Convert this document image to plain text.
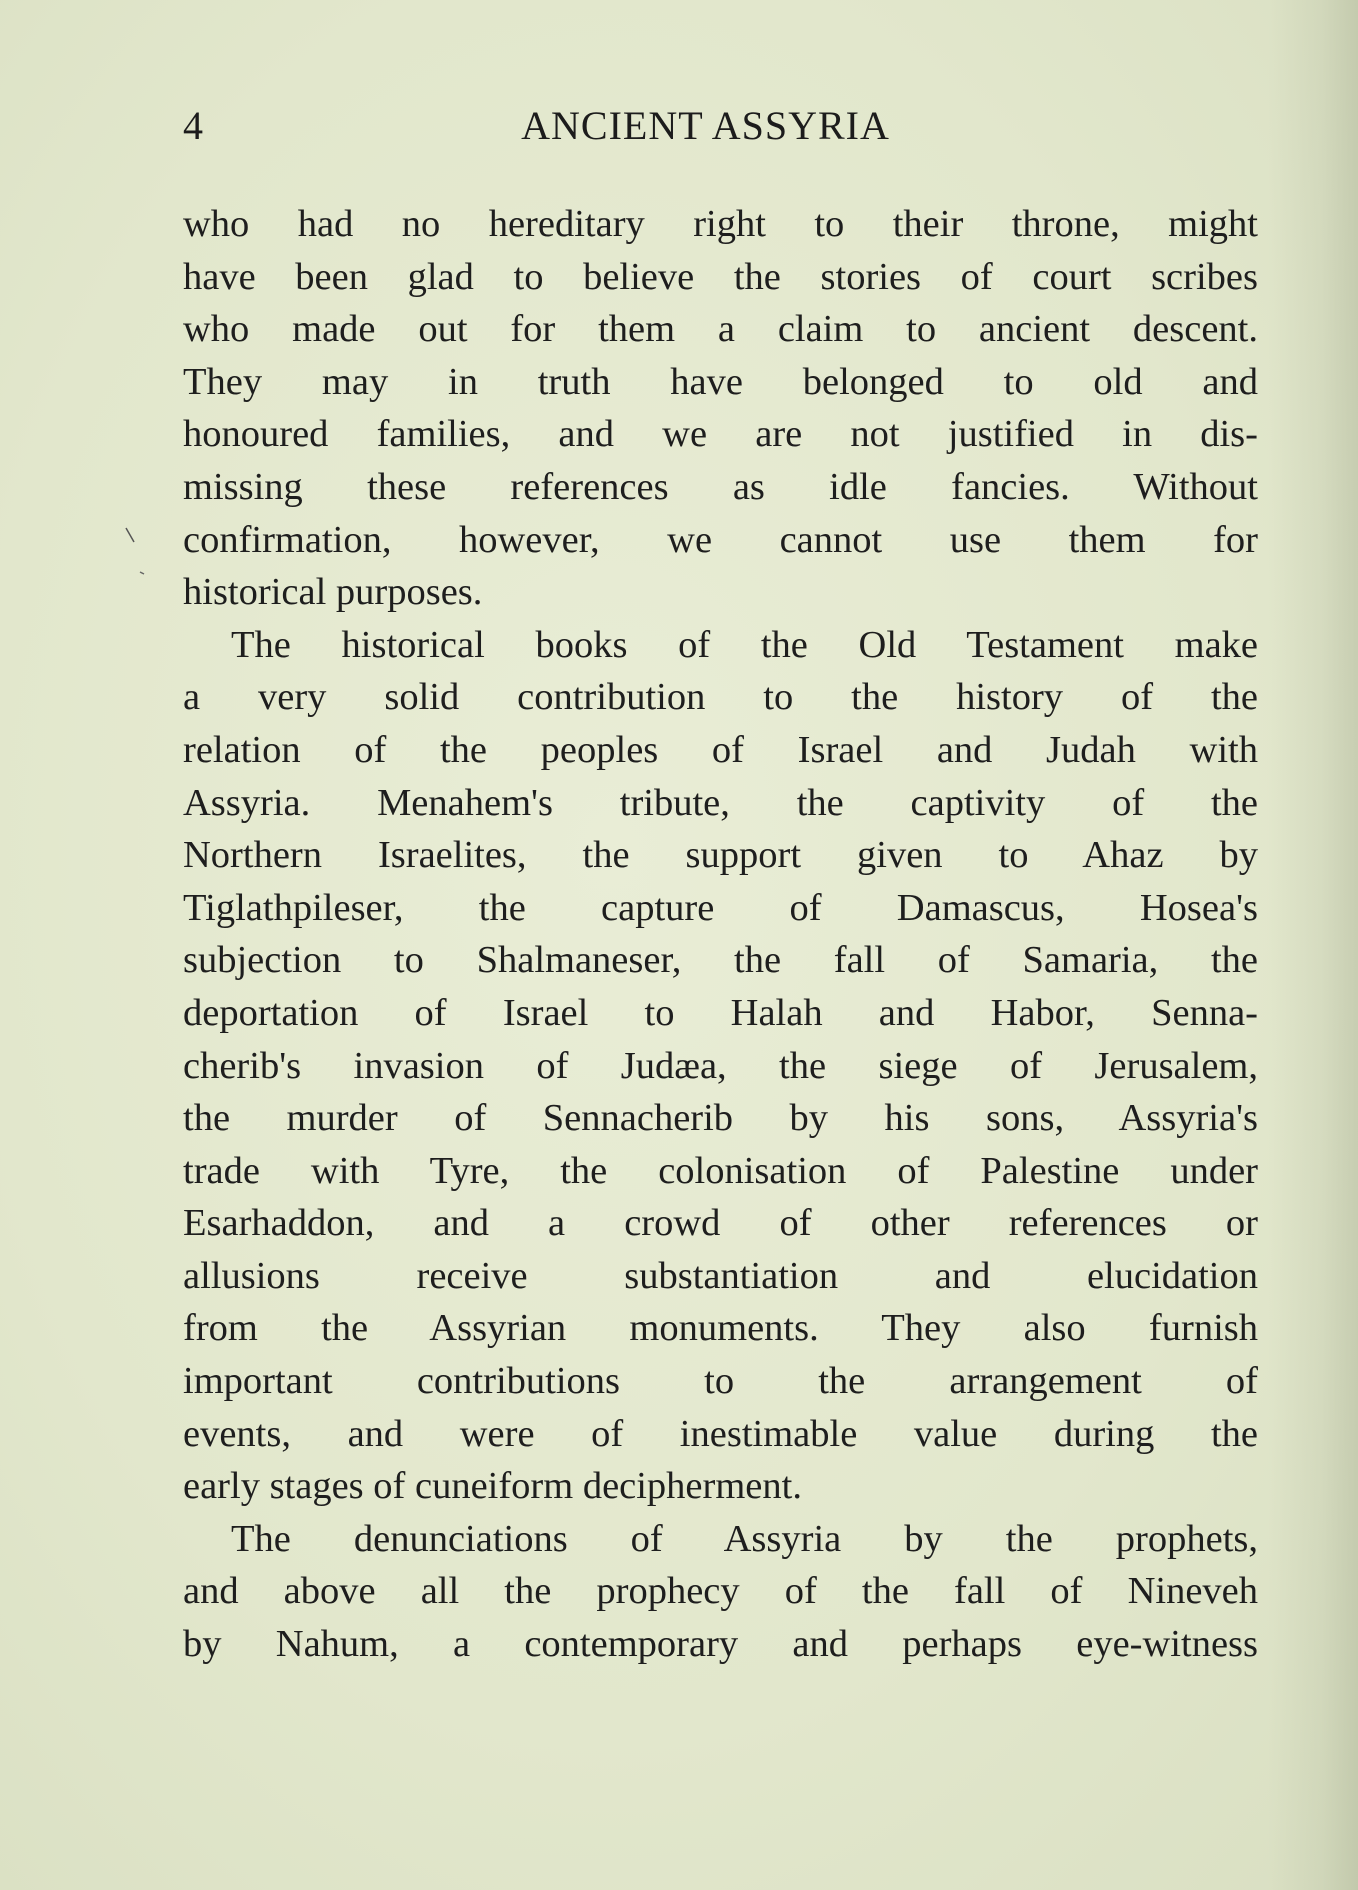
4	ANCIENT ASSYRIA
who had no hereditary right to their throne, might
have been glad to believe the stories of court scribes
who made out for them a claim to ancient descent.
They may in truth have belonged to old and
honoured families, and we are not justified in dis-
missing these references as idle fancies. Without
confirmation, however, we cannot use them for
historical purposes.
The historical books of the Old Testament make
a very solid contribution to the history of the
relation of the peoples of Israel and Judah with
Assyria. Menahem's tribute, the captivity of the
Northern Israelites, the support given to Ahaz by
Tiglathpileser, the capture of Damascus, Hosea's
subjection to Shalmaneser, the fall of Samaria, the
deportation of Israel to Halah and Habor, Senna-
cherib's invasion of Judæa, the siege of Jerusalem,
the murder of Sennacherib by his sons, Assyria's
trade with Tyre, the colonisation of Palestine under
Esarhaddon, and a crowd of other references or
allusions receive substantiation and elucidation
from the Assyrian monuments. They also furnish
important contributions to the arrangement of
events, and were of inestimable value during the
early stages of cuneiform decipherment.
The denunciations of Assyria by the prophets,
and above all the prophecy of the fall of Nineveh
by Nahum, a contemporary and perhaps eye-witness
